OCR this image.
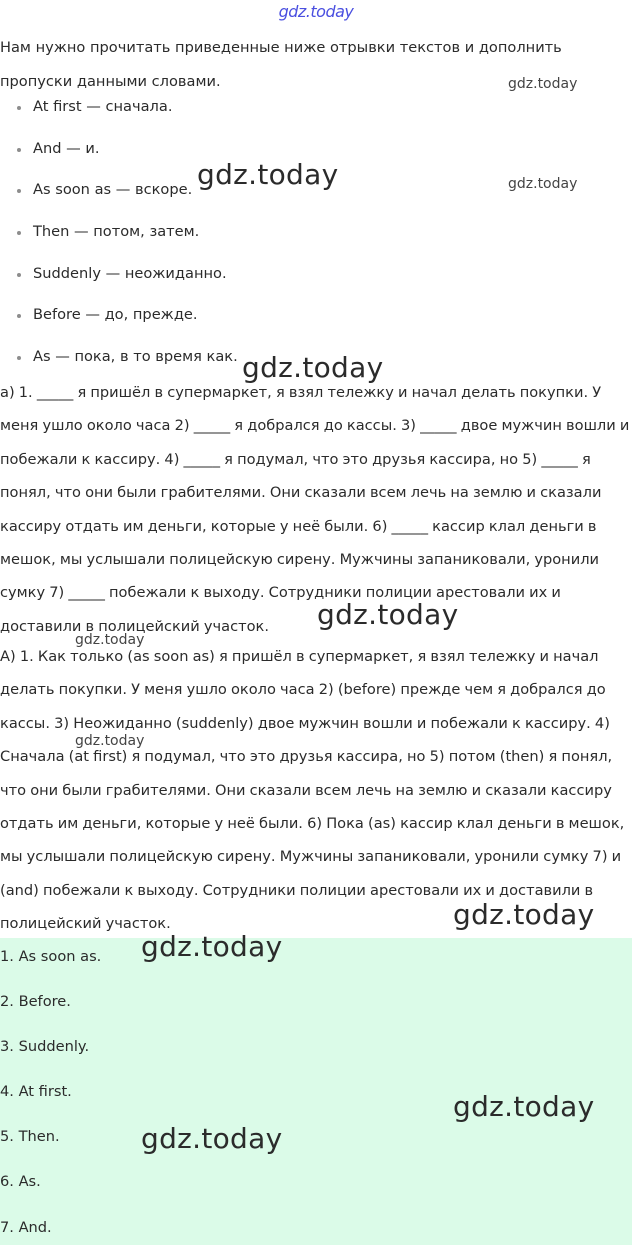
gdz.today
Нам нужно прочитать приведенные ниже отрывки текстов и дополнить пропуски данными словами.
At first — сначала.
And — и.
As soon as — вскоре.
Then — потом, затем.
Suddenly — неожиданно.
Before — до, прежде.
As — пока, в то время как.
a) 1. _____ я пришёл в супермаркет, я взял тележку и начал делать покупки. У меня ушло около часа 2) _____ я добрался до кассы. 3) _____ двое мужчин вошли и побежали к кассиру. 4) _____ я подумал, что это друзья кассира, но 5) _____ я понял, что они были грабителями. Они сказали всем лечь на землю и сказали кассиру отдать им деньги, которые у неё были. 6) _____ кассир клал деньги в мешок, мы услышали полицейскую сирену. Мужчины запаниковали, уронили сумку 7) _____ побежали к выходу. Сотрудники полиции арестовали их и доставили в полицейский участок.
A) 1. Как только (as soon as) я пришёл в супермаркет, я взял тележку и начал делать покупки. У меня ушло около часа 2) (before) прежде чем я добрался до кассы. 3) Неожиданно (suddenly) двое мужчин вошли и побежали к кассиру. 4) Сначала (at first) я подумал, что это друзья кассира, но 5) потом (then) я понял, что они были грабителями. Они сказали всем лечь на землю и сказали кассиру отдать им деньги, которые у неё были. 6) Пока (as) кассир клал деньги в мешок, мы услышали полицейскую сирену. Мужчины запаниковали, уронили сумку 7) и (and) побежали к выходу. Сотрудники полиции арестовали их и доставили в полицейский участок.
1. As soon as.
2. Before.
3. Suddenly.
4. At first.
5. Then.
6. As.
7. And.
gdz.today
gdz.today	gdz.today
gdz.today
gdz.today
gdz.today
gdz.today
gdz.today
gdz.today
gdz.today
gdz.today
